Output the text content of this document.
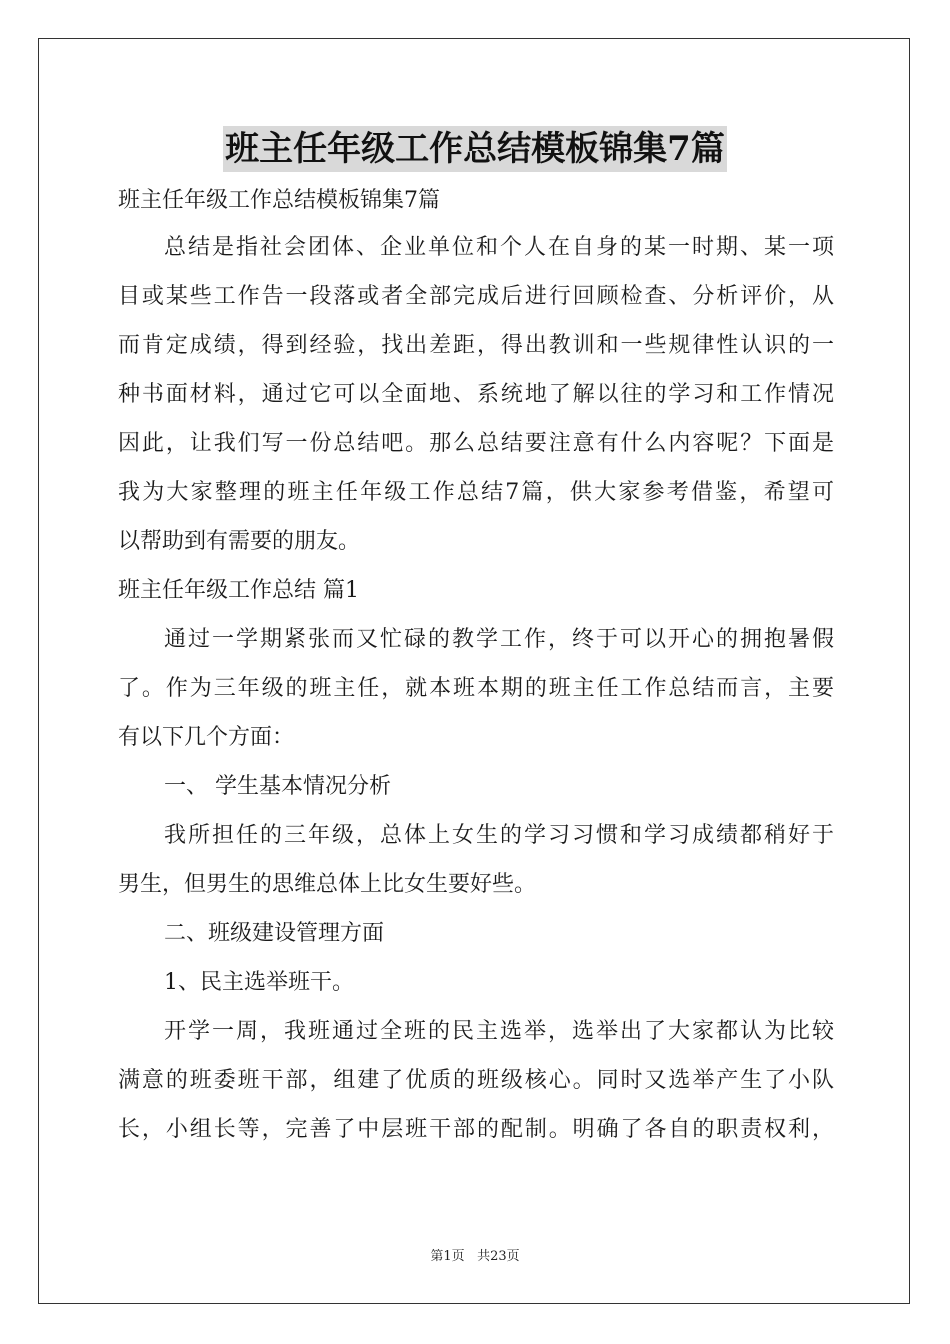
班主任年级工作总结模板锦集7篇
班主任年级工作总结模板锦集7篇
总结是指社会团体、企业单位和个人在自身的某一时期、某一项
目或某些工作告一段落或者全部完成后进行回顾检查、分析评价，从
而肯定成绩，得到经验，找出差距，得出教训和一些规律性认识的一
种书面材料，通过它可以全面地、系统地了解以往的学习和工作情况
因此，让我们写一份总结吧。那么总结要注意有什么内容呢？下面是
我为大家整理的班主任年级工作总结7篇，供大家参考借鉴，希望可
以帮助到有需要的朋友。
班主任年级工作总结 篇1
通过一学期紧张而又忙碌的教学工作，终于可以开心的拥抱暑假
了。作为三年级的班主任，就本班本期的班主任工作总结而言，主要
有以下几个方面：
一、 学生基本情况分析
我所担任的三年级，总体上女生的学习习惯和学习成绩都稍好于
男生，但男生的思维总体上比女生要好些。
二、班级建设管理方面
1、民主选举班干。
开学一周，我班通过全班的民主选举，选举出了大家都认为比较
满意的班委班干部，组建了优质的班级核心。同时又选举产生了小队
长，小组长等，完善了中层班干部的配制。明确了各自的职责权利，
第1页 共23页
